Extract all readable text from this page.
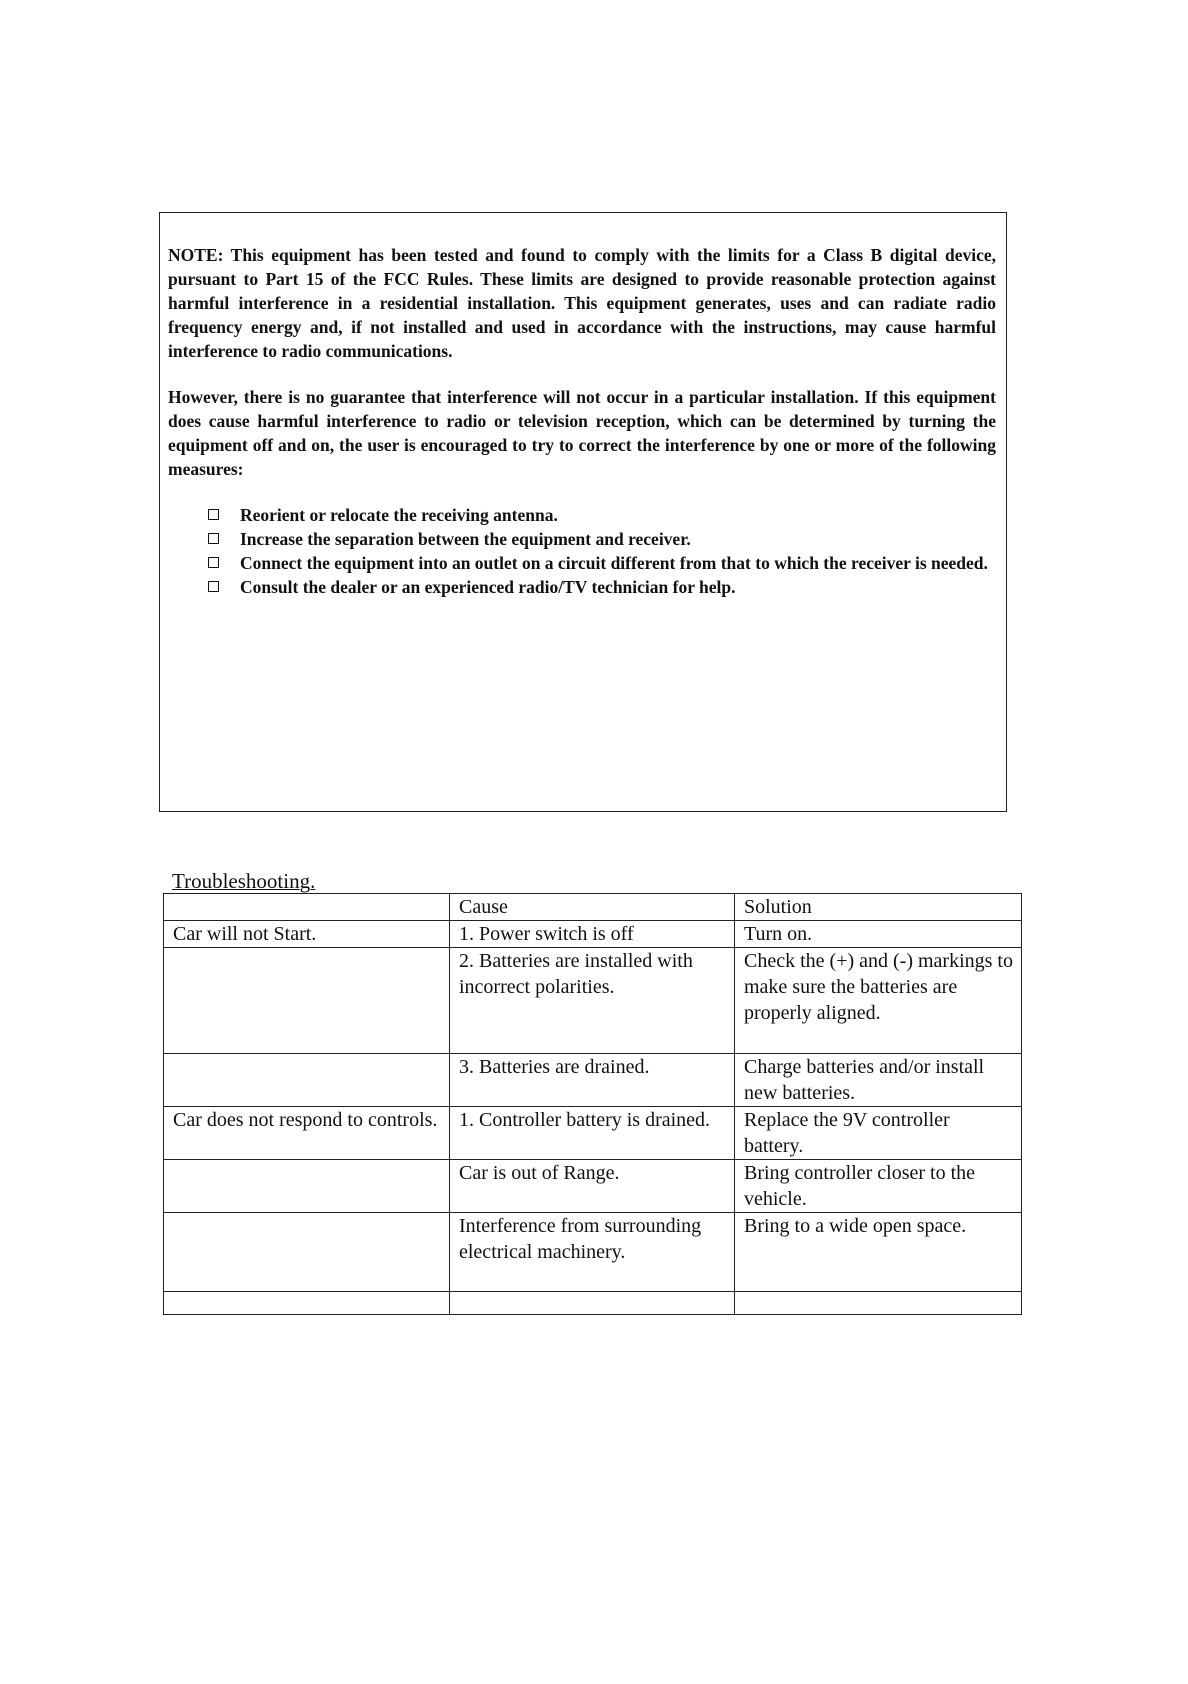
NOTE: This equipment has been tested and found to comply with the limits for a Class B digital device, pursuant to Part 15 of the FCC Rules. These limits are designed to provide reasonable protection against harmful interference in a residential installation. This equipment generates, uses and can radiate radio frequency energy and, if not installed and used in accordance with the instructions, may cause harmful interference to radio communications.

However, there is no guarantee that interference will not occur in a particular installation. If this equipment does cause harmful interference to radio or television reception, which can be determined by turning the equipment off and on, the user is encouraged to try to correct the interference by one or more of the following measures:

Reorient or relocate the receiving antenna.
Increase the separation between the equipment and receiver.
Connect the equipment into an outlet on a circuit different from that to which the receiver is needed.
Consult the dealer or an experienced radio/TV technician for help.
Troubleshooting.
	Cause	Solution
Car will not Start.	1. Power switch is off	Turn on.
	2. Batteries are installed with incorrect polarities.	Check the (+) and (-) markings to make sure the batteries are properly aligned.
	3. Batteries are drained.	Charge batteries and/or install new batteries.
Car does not respond to controls.	1. Controller battery is drained.	Replace the 9V controller battery.
	Car is out of Range.	Bring controller closer to the vehicle.
	Interference from surrounding electrical machinery.	Bring to a wide open space.
